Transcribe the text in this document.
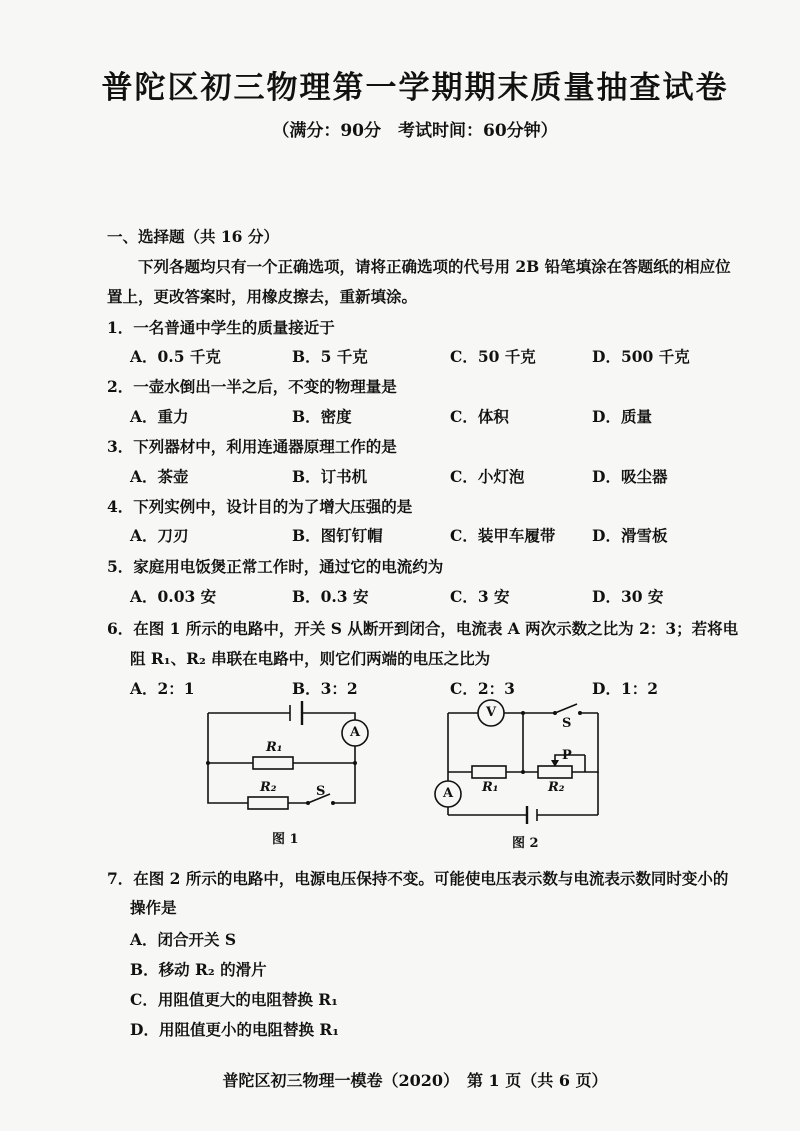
普陀区初三物理第一学期期末质量抽查试卷
（满分：90分　考试时间：60分钟）
一、选择题（共 16 分）
下列各题均只有一个正确选项，请将正确选项的代号用 2B 铅笔填涂在答题纸的相应位
置上，更改答案时，用橡皮擦去，重新填涂。
1．一名普通中学生的质量接近于
A．0.5 千克	B．5 千克	C．50 千克	D．500 千克
2．一壶水倒出一半之后，不变的物理量是
A．重力	B．密度	C．体积	D．质量
3．下列器材中，利用连通器原理工作的是
A．茶壶	B．订书机	C．小灯泡	D．吸尘器
4．下列实例中，设计目的为了增大压强的是
A．刀刃	B．图钉钉帽	C．装甲车履带 D．滑雪板
5．家庭用电饭煲正常工作时，通过它的电流约为
A．0.03 安	B．0.3 安	C．3 安	D．30 安
6．在图 1 所示的电路中，开关 S 从断开到闭合，电流表 A 两次示数之比为 2：3；若将电
阻 R₁、R₂ 串联在电路中，则它们两端的电压之比为
A．2：1	B．3：2	C．2：3	D．1：2
A
R₁
R₂	S
图 1
V
A R₁	R₂
S
P
图 2
7．在图 2 所示的电路中，电源电压保持不变。可能使电压表示数与电流表示数同时变小的
操作是
A．闭合开关 S
B．移动 R₂ 的滑片
C．用阻值更大的电阻替换 R₁
D．用阻值更小的电阻替换 R₁
普陀区初三物理一模卷（2020）　第 1 页（共 6 页）
